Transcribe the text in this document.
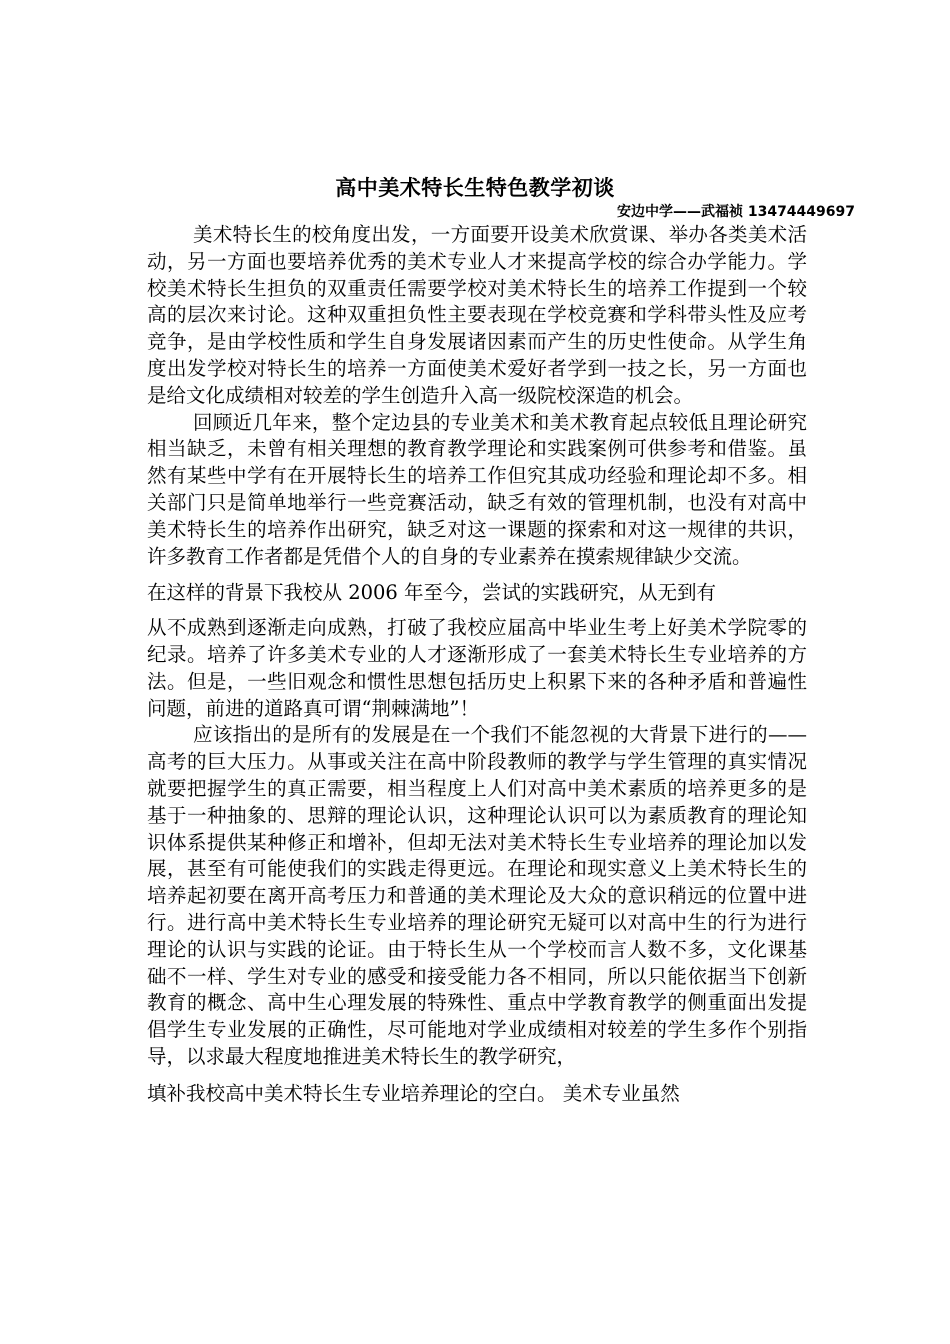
高中美术特长生特色教学初谈
安边中学——武福祯 13474449697

美术特长生的校角度出发，一方面要开设美术欣赏课、举办各类美术活动，另一方面也要培养优秀的美术专业人才来提高学校的综合办学能力。学校美术特长生担负的双重责任需要学校对美术特长生的培养工作提到一个较高的层次来讨论。这种双重担负性主要表现在学校竞赛和学科带头性及应考竞争，是由学校性质和学生自身发展诸因素而产生的历史性使命。从学生角度出发学校对特长生的培养一方面使美术爱好者学到一技之长，另一方面也是给文化成绩相对较差的学生创造升入高一级院校深造的机会。

回顾近几年来，整个定边县的专业美术和美术教育起点较低且理论研究相当缺乏，未曾有相关理想的教育教学理论和实践案例可供参考和借鉴。虽然有某些中学有在开展特长生的培养工作但究其成功经验和理论却不多。相关部门只是简单地举行一些竞赛活动，缺乏有效的管理机制，也没有对高中美术特长生的培养作出研究，缺乏对这一课题的探索和对这一规律的共识，许多教育工作者都是凭借个人的自身的专业素养在摸索规律缺少交流。

在这样的背景下我校从 2006 年至今，尝试的实践研究，从无到有

从不成熟到逐渐走向成熟，打破了我校应届高中毕业生考上好美术学院零的纪录。培养了许多美术专业的人才逐渐形成了一套美术特长生专业培养的方法。但是，一些旧观念和惯性思想包括历史上积累下来的各种矛盾和普遍性问题，前进的道路真可谓“荆棘满地”！

应该指出的是所有的发展是在一个我们不能忽视的大背景下进行的——高考的巨大压力。从事或关注在高中阶段教师的教学与学生管理的真实情况就要把握学生的真正需要，相当程度上人们对高中美术素质的培养更多的是基于一种抽象的、思辩的理论认识，这种理论认识可以为素质教育的理论知识体系提供某种修正和增补，但却无法对美术特长生专业培养的理论加以发展，甚至有可能使我们的实践走得更远。在理论和现实意义上美术特长生的培养起初要在离开高考压力和普通的美术理论及大众的意识稍远的位置中进行。进行高中美术特长生专业培养的理论研究无疑可以对高中生的行为进行理论的认识与实践的论证。由于特长生从一个学校而言人数不多，文化课基础不一样、学生对专业的感受和接受能力各不相同，所以只能依据当下创新教育的概念、高中生心理发展的特殊性、重点中学教育教学的侧重面出发提倡学生专业发展的正确性，尽可能地对学业成绩相对较差的学生多作个别指导，以求最大程度地推进美术特长生的教学研究，

填补我校高中美术特长生专业培养理论的空白。 美术专业虽然
